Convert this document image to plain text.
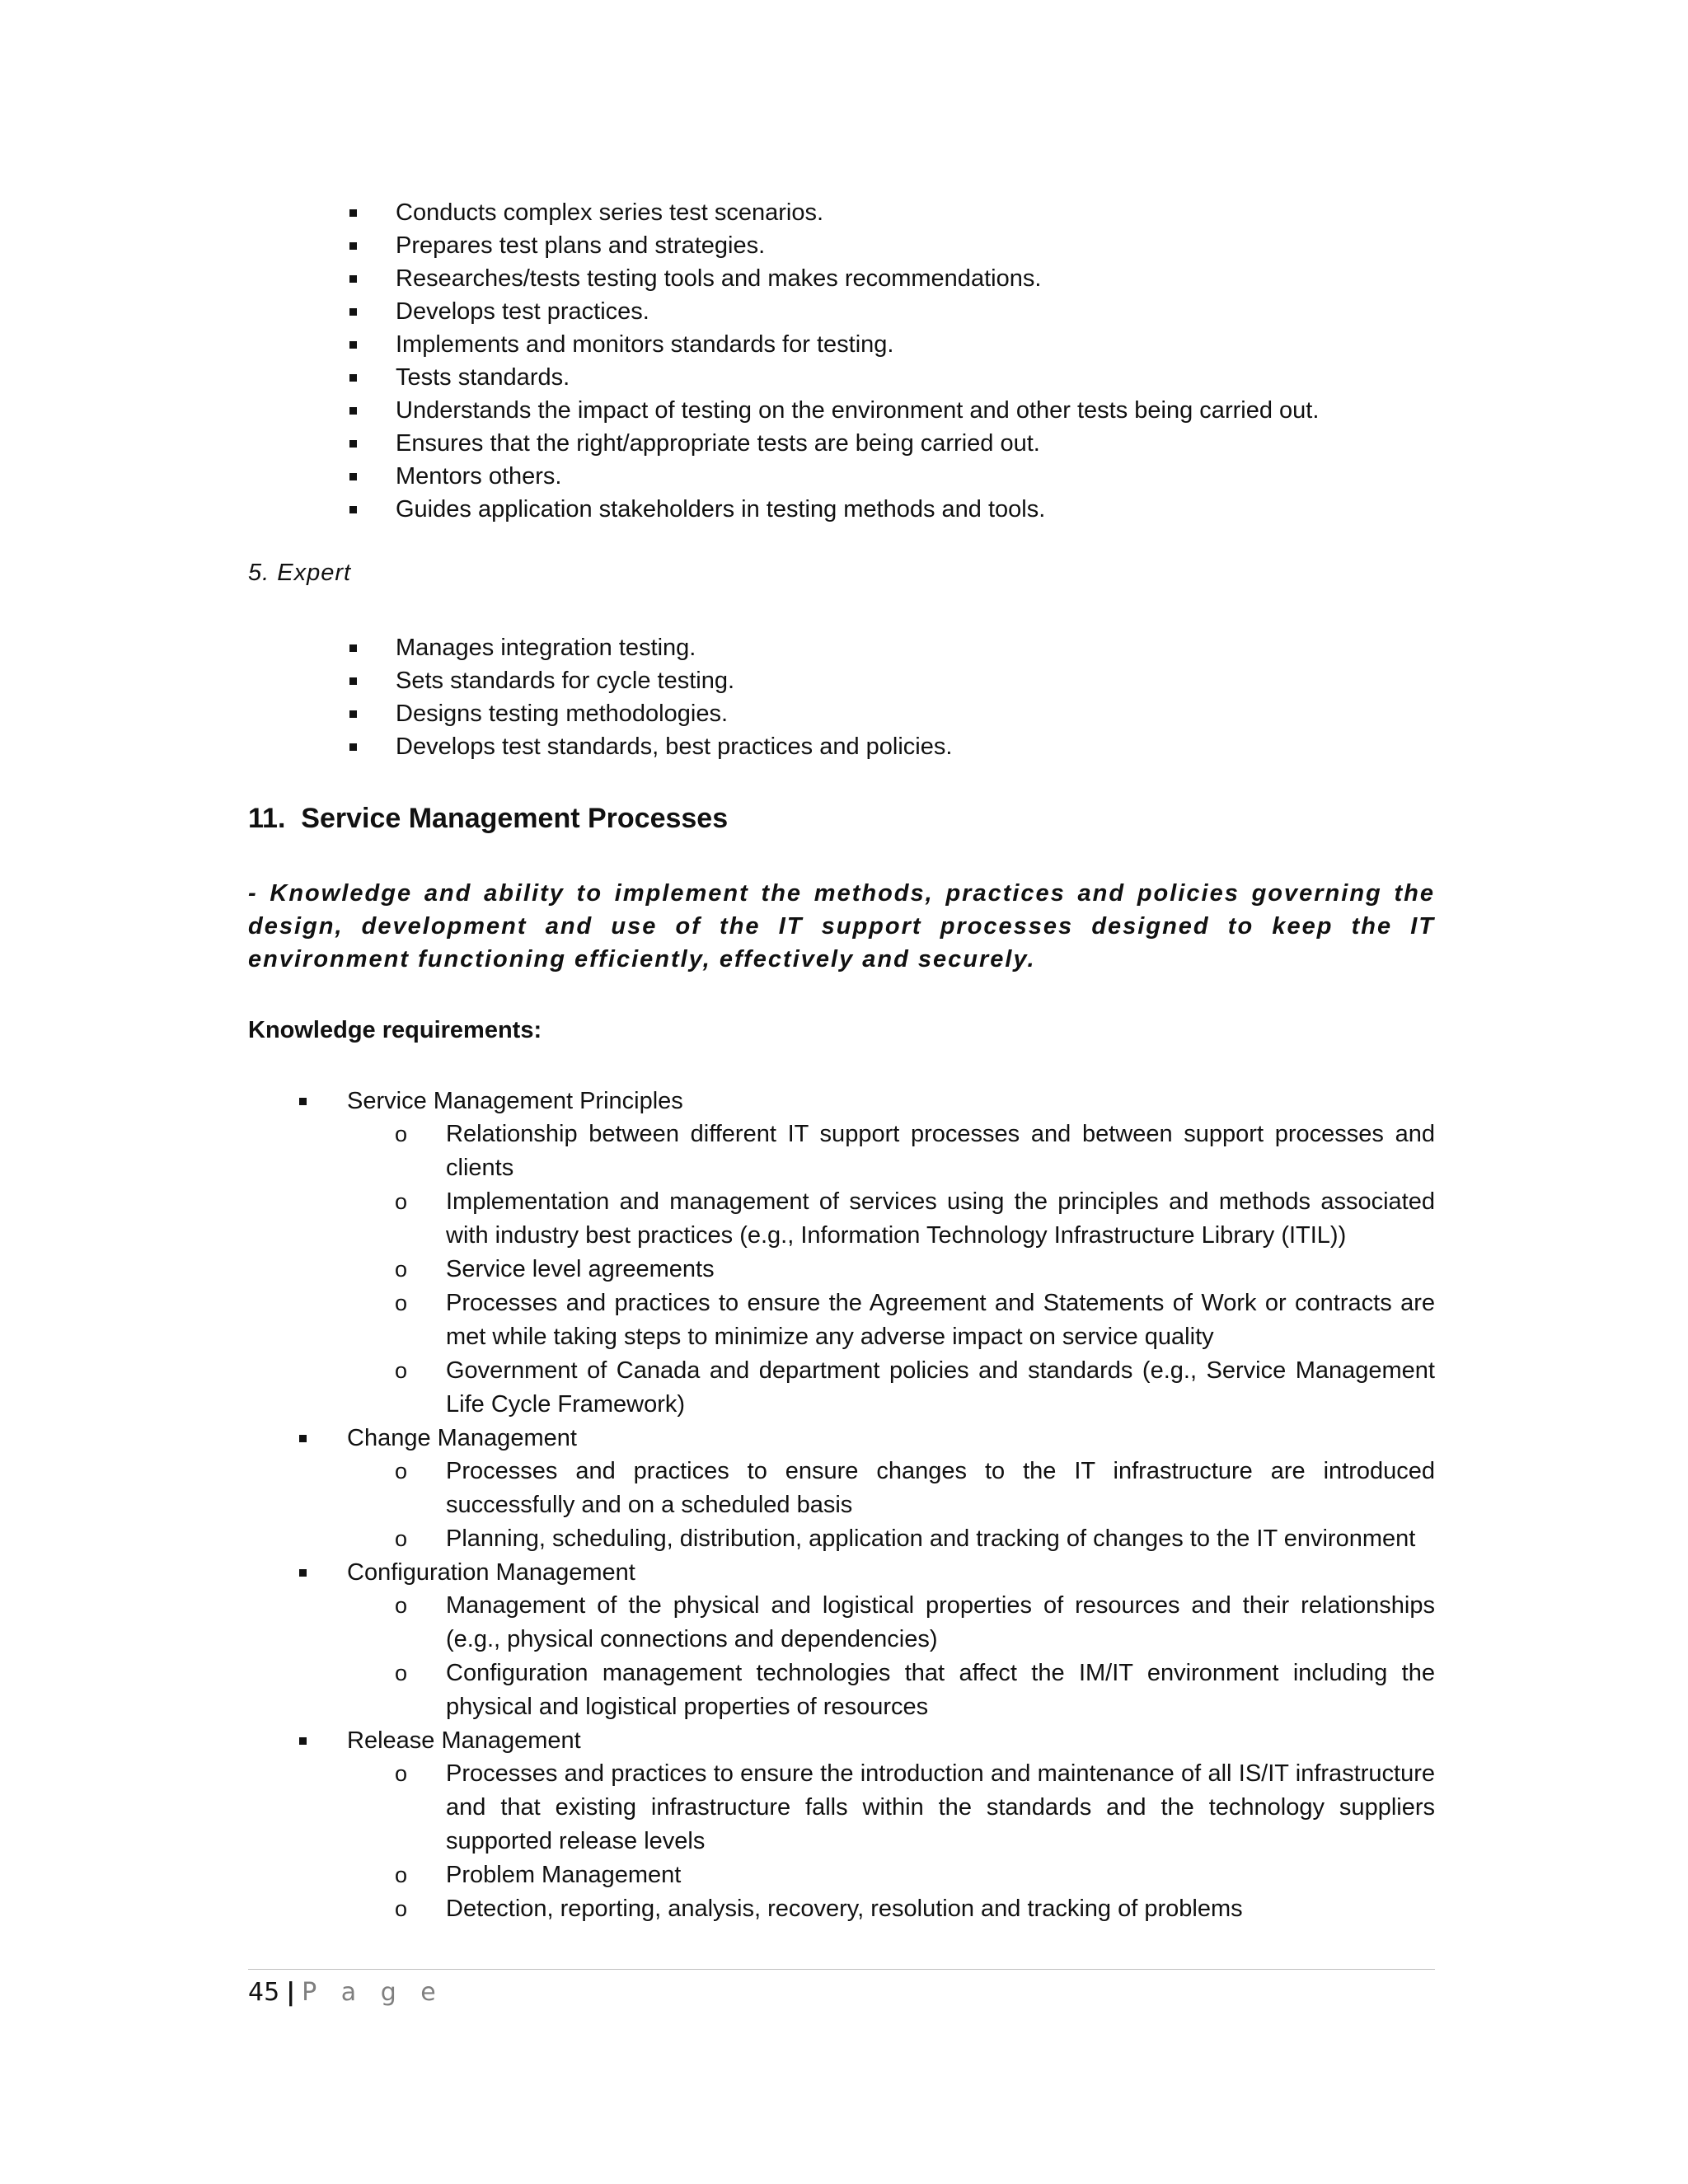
Conducts complex series test scenarios.
Prepares test plans and strategies.
Researches/tests testing tools and makes recommendations.
Develops test practices.
Implements and monitors standards for testing.
Tests standards.
Understands the impact of testing on the environment and other tests being carried out.
Ensures that the right/appropriate tests are being carried out.
Mentors others.
Guides application stakeholders in testing methods and tools.
5. Expert
Manages integration testing.
Sets standards for cycle testing.
Designs testing methodologies.
Develops test standards, best practices and policies.
11.  Service Management Processes

- Knowledge and ability to implement the methods, practices and policies governing the design, development and use of the IT support processes designed to keep the IT environment functioning efficiently, effectively and securely.

Knowledge requirements:
Service Management Principles
o Relationship between different IT support processes and between support processes and clients
o Implementation and management of services using the principles and methods associated with industry best practices (e.g., Information Technology Infrastructure Library (ITIL))
o Service level agreements
o Processes and practices to ensure the Agreement and Statements of Work or contracts are met while taking steps to minimize any adverse impact on service quality
o Government of Canada and department policies and standards (e.g., Service Management Life Cycle Framework)
Change Management
o Processes and practices to ensure changes to the IT infrastructure are introduced successfully and on a scheduled basis
o Planning, scheduling, distribution, application and tracking of changes to the IT environment
Configuration Management
o Management of the physical and logistical properties of resources and their relationships (e.g., physical connections and dependencies)
o Configuration management technologies that affect the IM/IT environment including the physical and logistical properties of resources
Release Management
o Processes and practices to ensure the introduction and maintenance of all IS/IT infrastructure and that existing infrastructure falls within the standards and the technology suppliers supported release levels
o Problem Management
o Detection, reporting, analysis, recovery, resolution and tracking of problems
45 | P a g e
